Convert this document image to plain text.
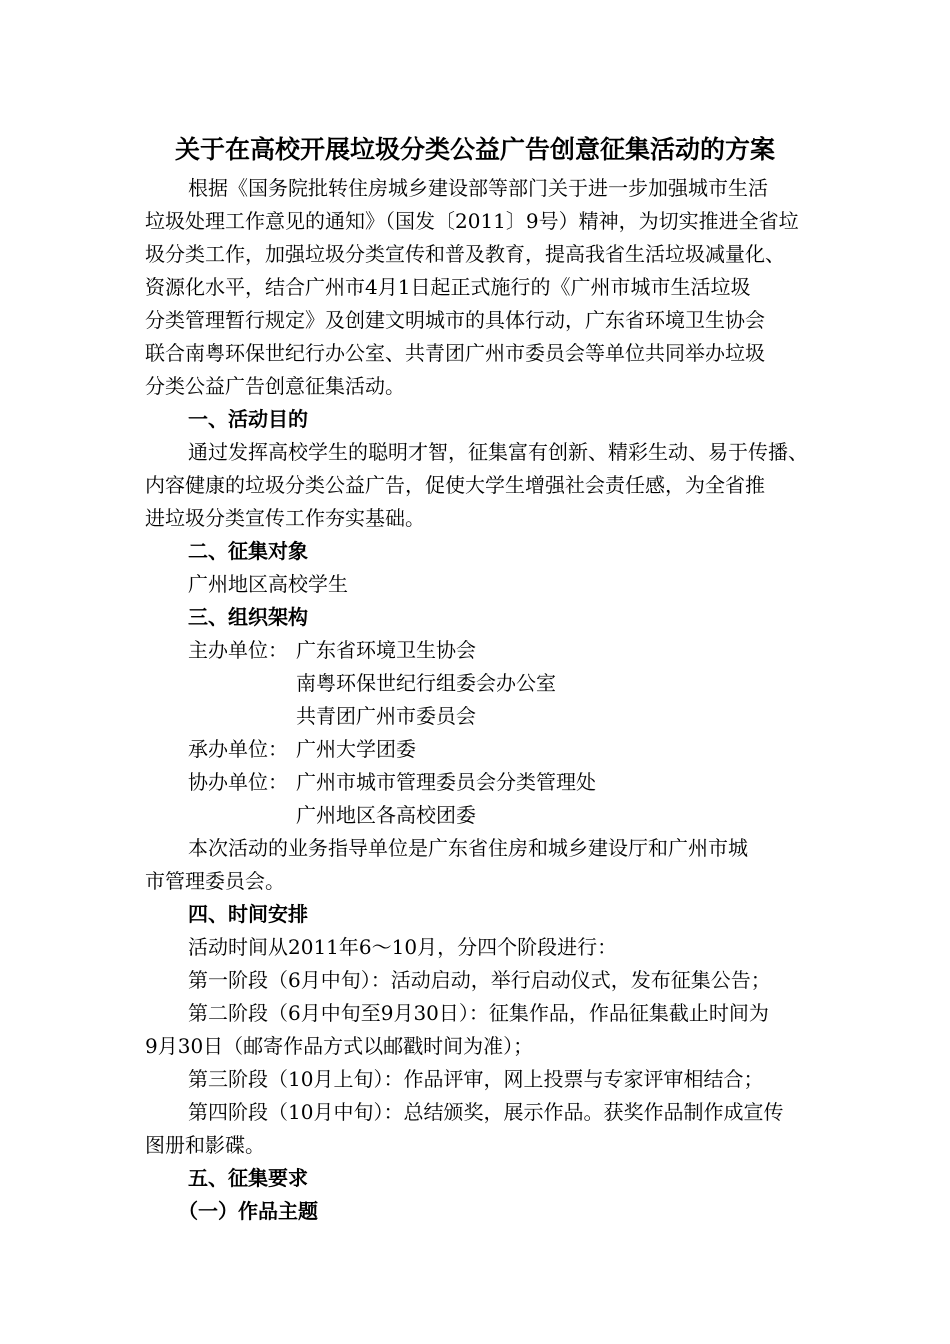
关于在高校开展垃圾分类公益广告创意征集活动的方案
根据《国务院批转住房城乡建设部等部门关于进一步加强城市生活
垃圾处理工作意见的通知》（国发〔2011〕9号）精神，为切实推进全省垃
圾分类工作，加强垃圾分类宣传和普及教育，提高我省生活垃圾减量化、
资源化水平，结合广州市4月1日起正式施行的《广州市城市生活垃圾
分类管理暂行规定》及创建文明城市的具体行动，广东省环境卫生协会
联合南粤环保世纪行办公室、共青团广州市委员会等单位共同举办垃圾
分类公益广告创意征集活动。
一、活动目的
通过发挥高校学生的聪明才智，征集富有创新、精彩生动、易于传播、
内容健康的垃圾分类公益广告，促使大学生增强社会责任感，为全省推
进垃圾分类宣传工作夯实基础。
二、征集对象
广州地区高校学生
三、组织架构
主办单位： 广东省环境卫生协会
南粤环保世纪行组委会办公室
共青团广州市委员会
承办单位： 广州大学团委
协办单位： 广州市城市管理委员会分类管理处
广州地区各高校团委
本次活动的业务指导单位是广东省住房和城乡建设厅和广州市城
市管理委员会。
四、时间安排
活动时间从2011年6～10月，分四个阶段进行：
第一阶段（6月中旬）：活动启动，举行启动仪式，发布征集公告；
第二阶段（6月中旬至9月30日）：征集作品，作品征集截止时间为
9月30日（邮寄作品方式以邮戳时间为准）；
第三阶段（10月上旬）：作品评审，网上投票与专家评审相结合；
第四阶段（10月中旬）：总结颁奖，展示作品。获奖作品制作成宣传
图册和影碟。
五、征集要求
（一）作品主题
